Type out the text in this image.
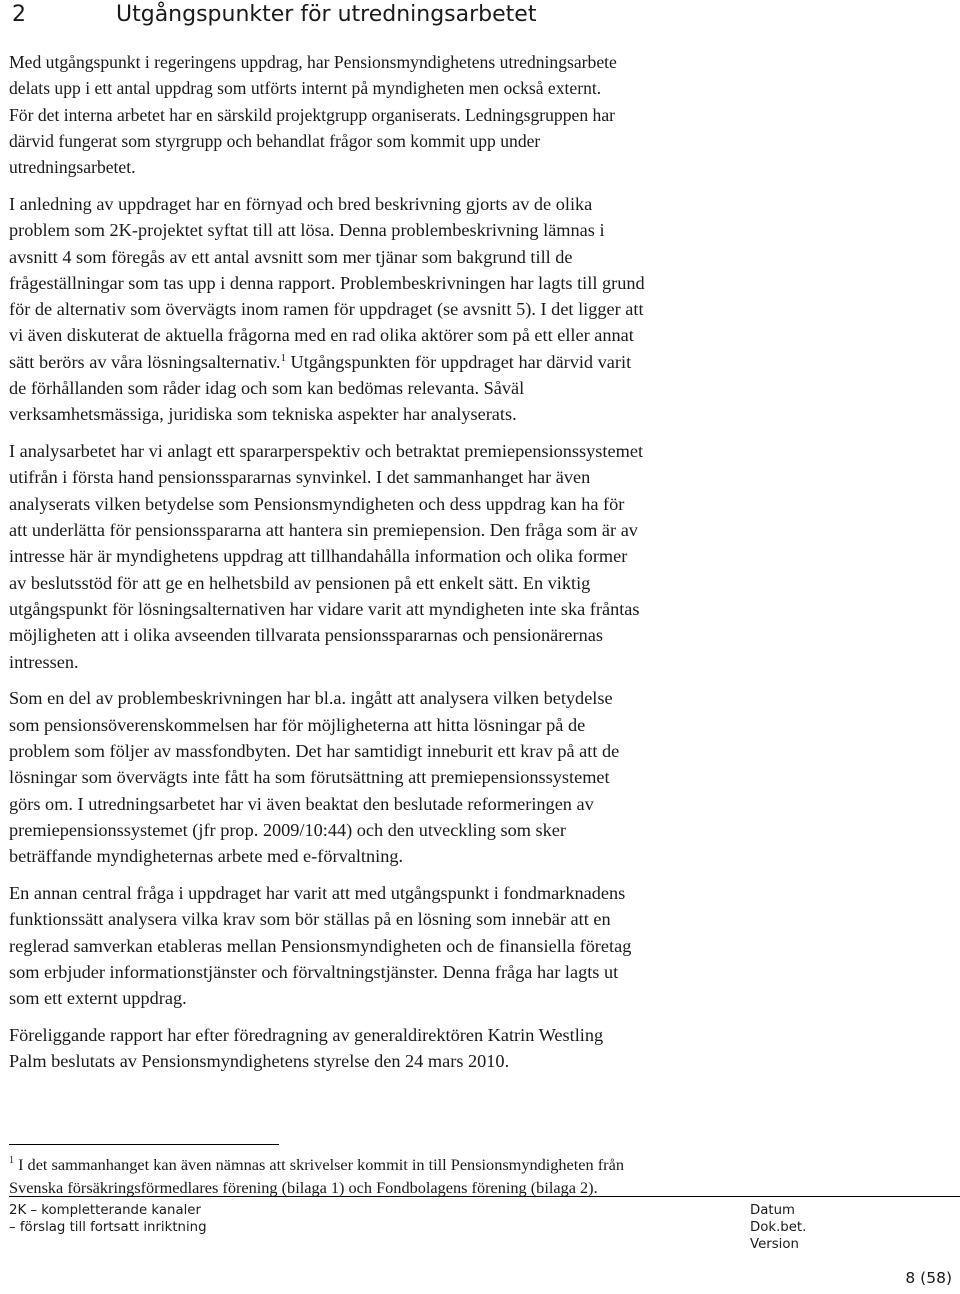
2	Utgångspunkter för utredningsarbetet

Med utgångspunkt i regeringens uppdrag, har Pensionsmyndighetens utredningsarbete
delats upp i ett antal uppdrag som utförts internt på myndigheten men också externt.
För det interna arbetet har en särskild projektgrupp organiserats. Ledningsgruppen har
därvid fungerat som styrgrupp och behandlat frågor som kommit upp under
utredningsarbetet.

I anledning av uppdraget har en förnyad och bred beskrivning gjorts av de olika
problem som 2K-projektet syftat till att lösa. Denna problembeskrivning lämnas i
avsnitt 4 som föregås av ett antal avsnitt som mer tjänar som bakgrund till de
frågeställningar som tas upp i denna rapport. Problembeskrivningen har lagts till grund
för de alternativ som övervägts inom ramen för uppdraget (se avsnitt 5). I det ligger att
vi även diskuterat de aktuella frågorna med en rad olika aktörer som på ett eller annat
sätt berörs av våra lösningsalternativ.$^1$ Utgångspunkten för uppdraget har därvid varit
de förhållanden som råder idag och som kan bedömas relevanta. Såväl
verksamhetsmässiga, juridiska som tekniska aspekter har analyserats.

I analysarbetet har vi anlagt ett spararperspektiv och betraktat premiepensionssystemet
utifrån i första hand pensionsspararnas synvinkel. I det sammanhanget har även
analyserats vilken betydelse som Pensionsmyndigheten och dess uppdrag kan ha för
att underlätta för pensionsspararna att hantera sin premiepension. Den fråga som är av
intresse här är myndighetens uppdrag att tillhandahålla information och olika former
av beslutsstöd för att ge en helhetsbild av pensionen på ett enkelt sätt. En viktig
utgångspunkt för lösningsalternativen har vidare varit att myndigheten inte ska fråntas
möjligheten att i olika avseenden tillvarata pensionsspararnas och pensionärernas
intressen.

Som en del av problembeskrivningen har bl.a. ingått att analysera vilken betydelse
som pensionsöverenskommelsen har för möjligheterna att hitta lösningar på de
problem som följer av massfondbyten. Det har samtidigt inneburit ett krav på att de
lösningar som övervägts inte fått ha som förutsättning att premiepensionssystemet
görs om. I utredningsarbetet har vi även beaktat den beslutade reformeringen av
premiepensionssystemet (jfr prop. 2009/10:44) och den utveckling som sker
beträffande myndigheternas arbete med e-förvaltning.

En annan central fråga i uppdraget har varit att med utgångspunkt i fondmarknadens
funktionssätt analysera vilka krav som bör ställas på en lösning som innebär att en
reglerad samverkan etableras mellan Pensionsmyndigheten och de finansiella företag
som erbjuder informationstjänster och förvaltningstjänster. Denna fråga har lagts ut
som ett externt uppdrag.

Föreliggande rapport har efter föredragning av generaldirektören Katrin Westling
Palm beslutats av Pensionsmyndighetens styrelse den 24 mars 2010.

$^1$ I det sammanhanget kan även nämnas att skrivelser kommit in till Pensionsmyndigheten från
Svenska försäkringsförmedlares förening (bilaga 1) och Fondbolagens förening (bilaga 2).
2K – kompletterande kanaler
– förslag till fortsatt inriktning
Datum
Dok.bet.
Version
8 (58)
